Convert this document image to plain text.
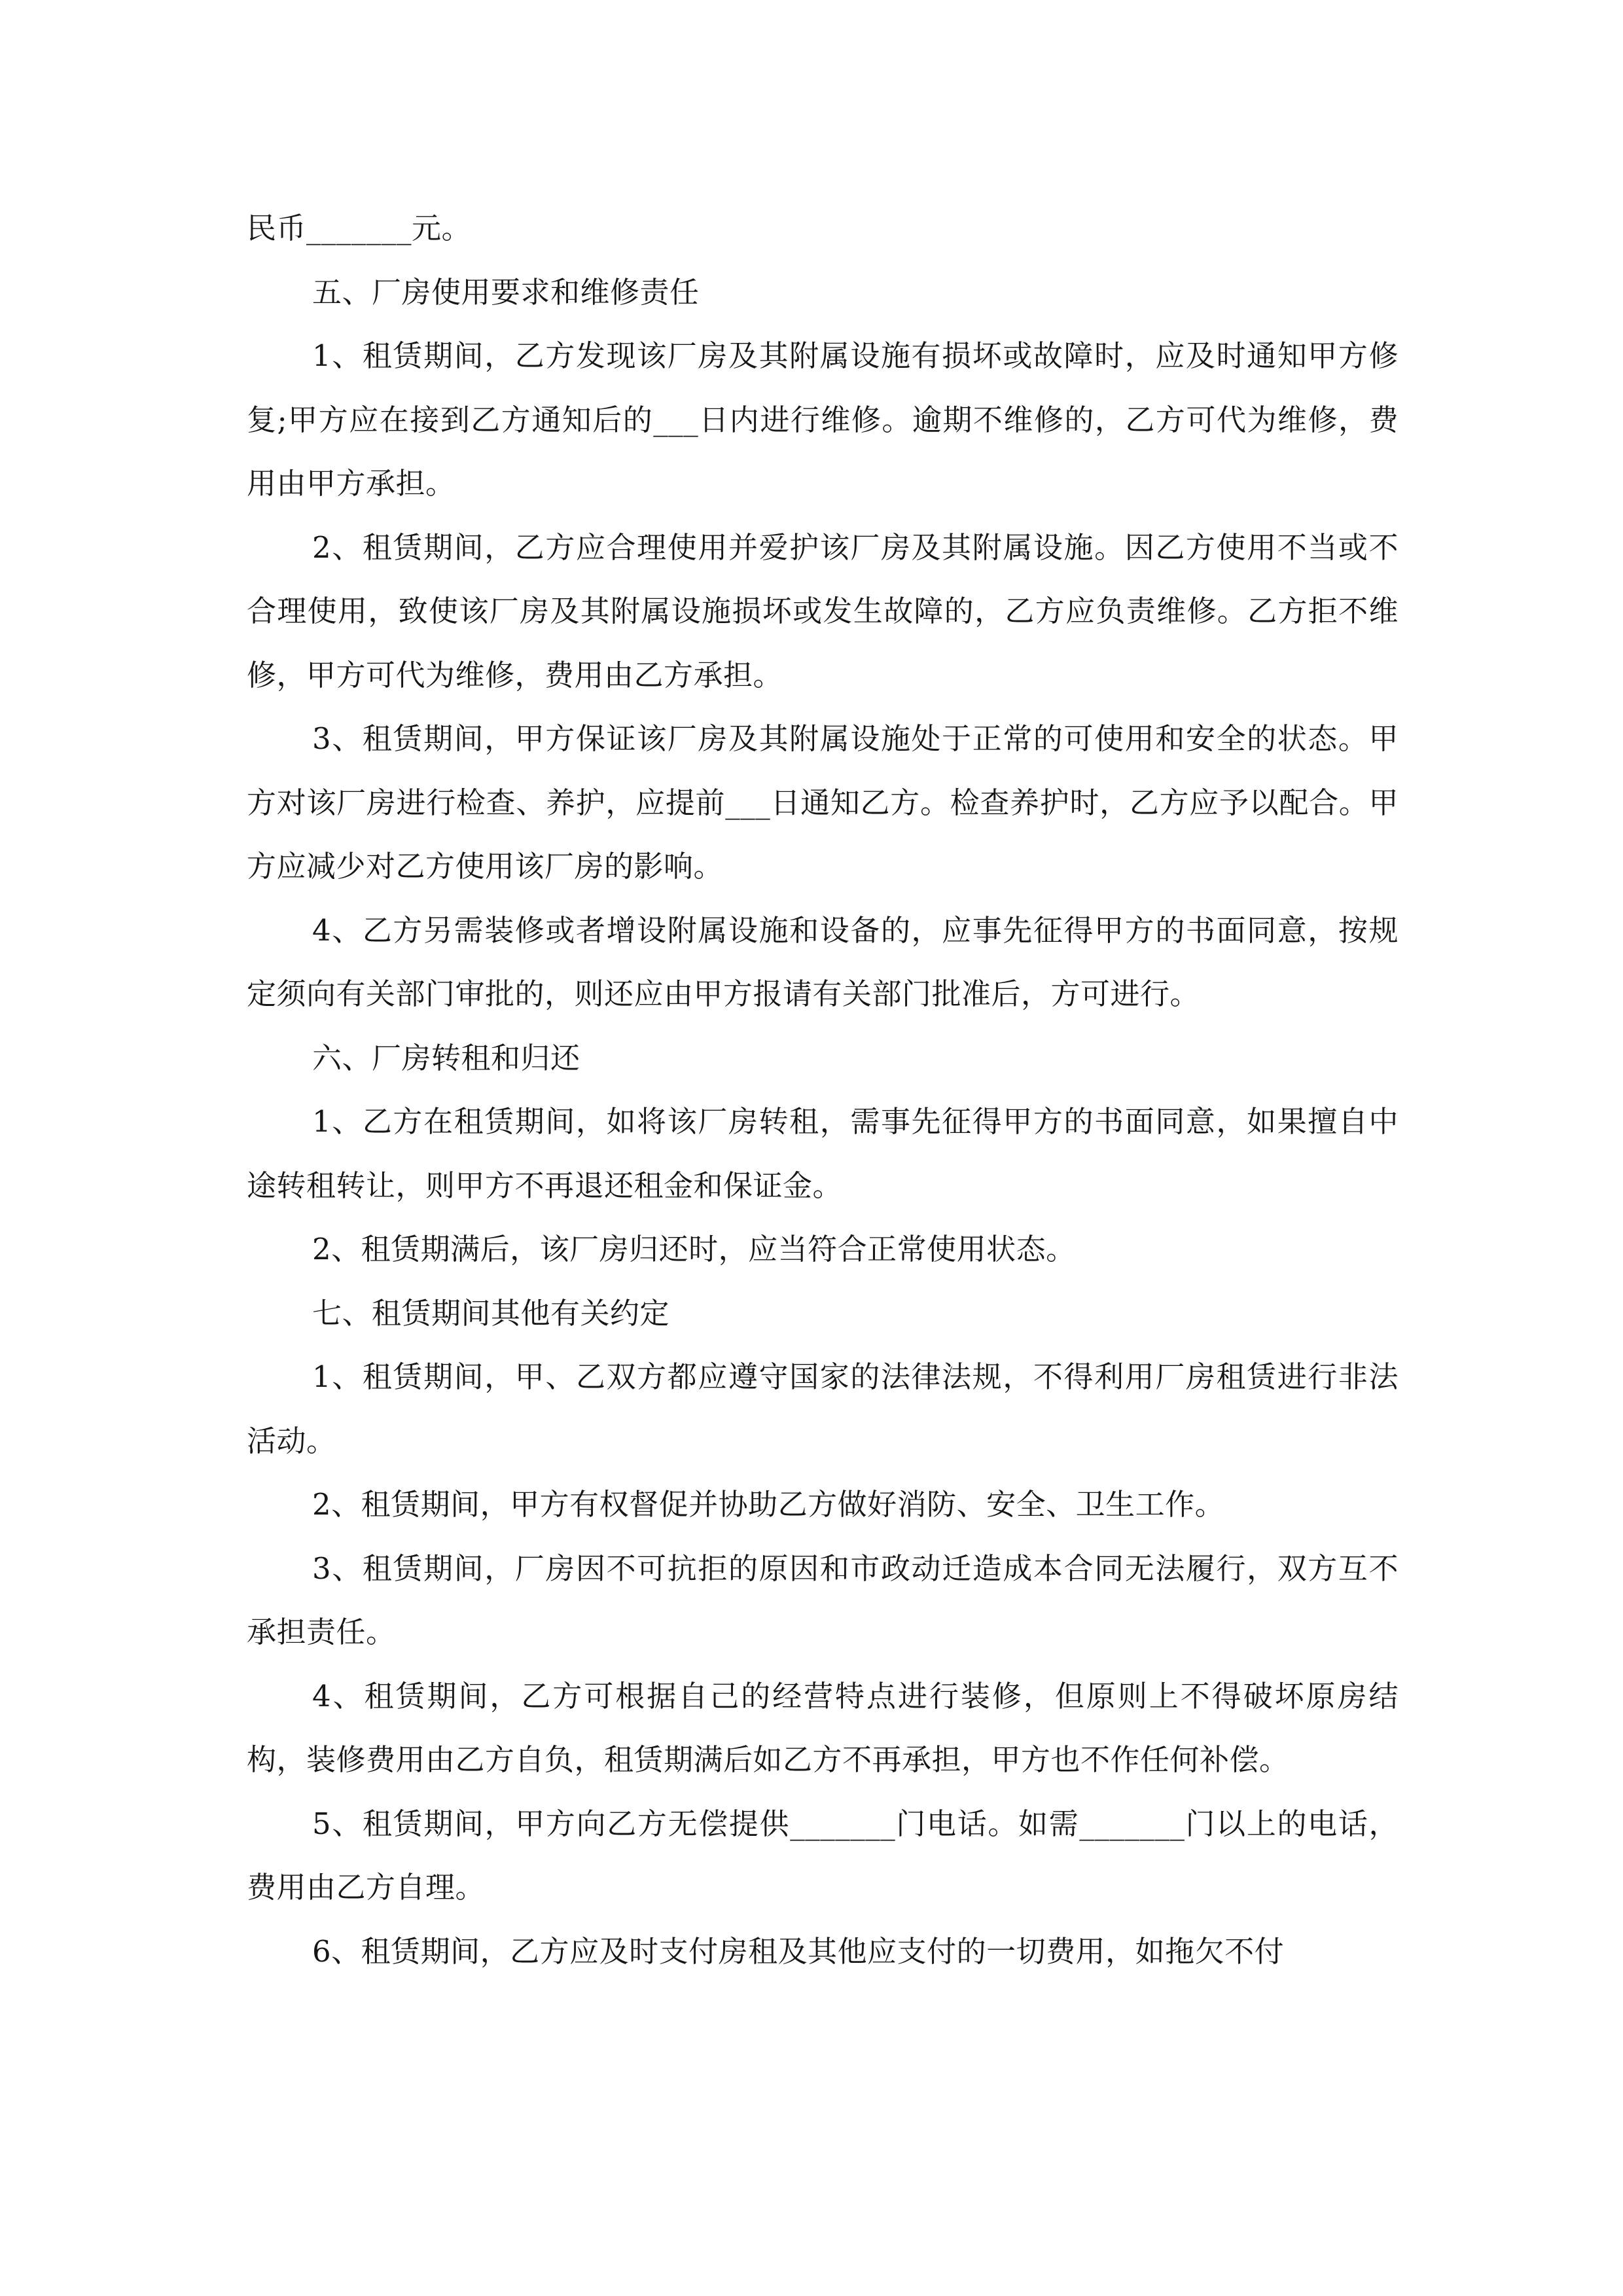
民币_______元。

五、厂房使用要求和维修责任

1、租赁期间，乙方发现该厂房及其附属设施有损坏或故障时，应及时通知甲方修复;甲方应在接到乙方通知后的___日内进行维修。逾期不维修的，乙方可代为维修，费用由甲方承担。

2、租赁期间，乙方应合理使用并爱护该厂房及其附属设施。因乙方使用不当或不合理使用，致使该厂房及其附属设施损坏或发生故障的，乙方应负责维修。乙方拒不维修，甲方可代为维修，费用由乙方承担。

3、租赁期间，甲方保证该厂房及其附属设施处于正常的可使用和安全的状态。甲方对该厂房进行检查、养护，应提前___日通知乙方。检查养护时，乙方应予以配合。甲方应减少对乙方使用该厂房的影响。

4、乙方另需装修或者增设附属设施和设备的，应事先征得甲方的书面同意，按规定须向有关部门审批的，则还应由甲方报请有关部门批准后，方可进行。

六、厂房转租和归还

1、乙方在租赁期间，如将该厂房转租，需事先征得甲方的书面同意，如果擅自中途转租转让，则甲方不再退还租金和保证金。

2、租赁期满后，该厂房归还时，应当符合正常使用状态。

七、租赁期间其他有关约定

1、租赁期间，甲、乙双方都应遵守国家的法律法规，不得利用厂房租赁进行非法活动。

2、租赁期间，甲方有权督促并协助乙方做好消防、安全、卫生工作。

3、租赁期间，厂房因不可抗拒的原因和市政动迁造成本合同无法履行，双方互不承担责任。

4、租赁期间，乙方可根据自己的经营特点进行装修，但原则上不得破坏原房结构，装修费用由乙方自负，租赁期满后如乙方不再承担，甲方也不作任何补偿。

5、租赁期间，甲方向乙方无偿提供_______门电话。如需_______门以上的电话，费用由乙方自理。

6、租赁期间，乙方应及时支付房租及其他应支付的一切费用，如拖欠不付
